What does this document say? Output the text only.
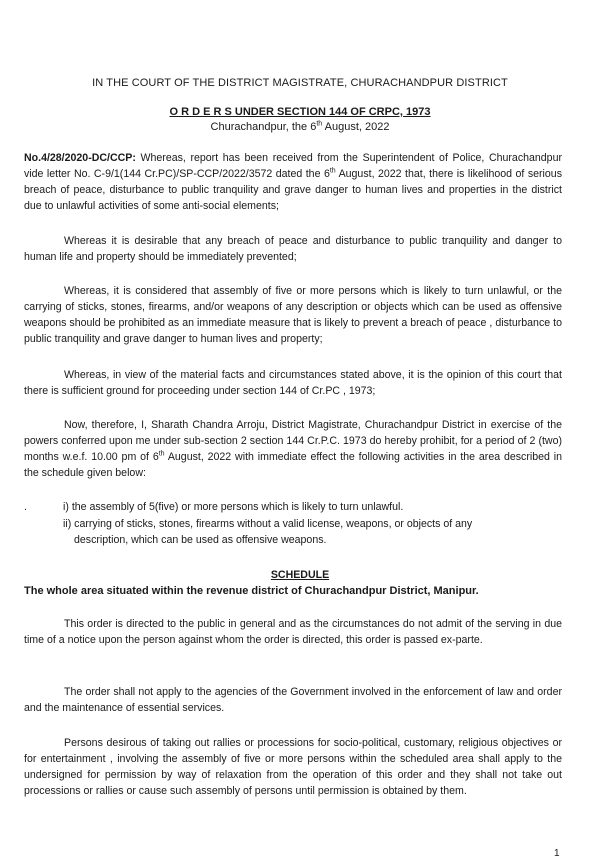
IN THE COURT OF THE DISTRICT MAGISTRATE, CHURACHANDPUR DISTRICT
O R D E R S UNDER SECTION 144 OF CRPC, 1973
Churachandpur, the 6th August, 2022
No.4/28/2020-DC/CCP: Whereas, report has been received from the Superintendent of Police, Churachandpur vide letter No. C-9/1(144 Cr.PC)/SP-CCP/2022/3572 dated the 6th August, 2022 that, there is likelihood of serious breach of peace, disturbance to public tranquility and grave danger to human lives and properties in the district due to unlawful activities of some anti-social elements;
Whereas it is desirable that any breach of peace and disturbance to public tranquility and danger to human life and property should be immediately prevented;
Whereas, it is considered that assembly of five or more persons which is likely to turn unlawful, or the carrying of sticks, stones, firearms, and/or weapons of any description or objects which can be used as offensive weapons should be prohibited as an immediate measure that is likely to prevent a breach of peace , disturbance to public tranquility and grave danger to human lives and property;
Whereas, in view of the material facts and circumstances stated above, it is the opinion of this court that there is sufficient ground for proceeding under section 144 of Cr.PC , 1973;
Now, therefore, I, Sharath Chandra Arroju, District Magistrate, Churachandpur District in exercise of the powers conferred upon me under sub-section 2 section 144 Cr.P.C. 1973 do hereby prohibit, for a period of 2 (two) months w.e.f. 10.00 pm of 6th August, 2022 with immediate effect the following activities in the area described in the schedule given below:
.	i) the assembly of 5(five) or more persons which is likely to turn unlawful.
ii) carrying of sticks, stones, firearms without a valid license, weapons, or objects of any
description, which can be used as offensive weapons.
SCHEDULE
The whole area situated within the revenue district of Churachandpur District, Manipur.
This order is directed to the public in general and as the circumstances do not admit of the serving in due time of a notice upon the person against whom the order is directed, this order is passed ex-parte.
The order shall not apply to the agencies of the Government involved in the enforcement of law and order and the maintenance of essential services.
Persons desirous of taking out rallies or processions for socio-political, customary, religious objectives or for entertainment , involving the assembly of five or more persons within the scheduled area shall apply to the undersigned for permission by way of relaxation from the operation of this order and they shall not take out processions or rallies or cause such assembly of persons until permission is obtained by them.
1
